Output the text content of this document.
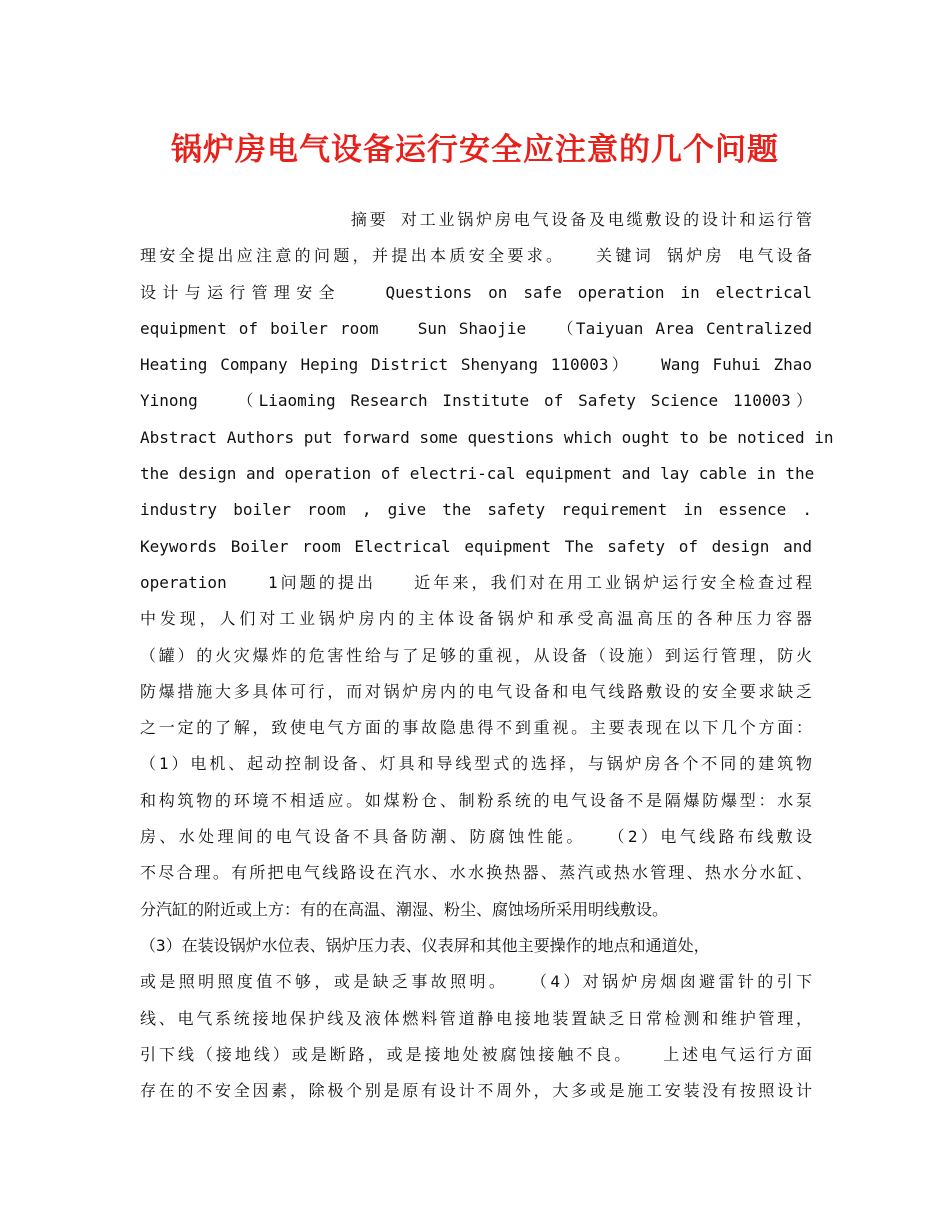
锅炉房电气设备运行安全应注意的几个问题
摘要 对工业锅炉房电气设备及电缆敷设的设计和运行管
理安全提出应注意的问题，并提出本质安全要求。　　关键词 锅炉房 电气设备
设计与运行管理安全　　Questions on safe operation in electrical
equipment of boiler room　　Sun Shaojie　　（Taiyuan Area Centralized
Heating Company Heping District Shenyang 110003）　　Wang Fuhui Zhao
Yinong　　（Liaoming Research Institute of Safety Science 110003）
Abstract Authors put forward some questions which ought to be noticed in
the design and operation of electri-cal equipment and lay cable in the
industry boiler room , give the safety requirement in essence .
Keywords Boiler room Electrical equipment The safety of design and
operation　　1问题的提出　　近年来，我们对在用工业锅炉运行安全检查过程
中发现，人们对工业锅炉房内的主体设备锅炉和承受高温高压的各种压力容器
（罐）的火灾爆炸的危害性给与了足够的重视，从设备（设施）到运行管理，防火
防爆措施大多具体可行，而对锅炉房内的电气设备和电气线路敷设的安全要求缺乏
之一定的了解，致使电气方面的事故隐患得不到重视。主要表现在以下几个方面：
（1）电机、起动控制设备、灯具和导线型式的选择，与锅炉房各个不同的建筑物
和构筑物的环境不相适应。如煤粉仓、制粉系统的电气设备不是隔爆防爆型：水泵
房、水处理间的电气设备不具备防潮、防腐蚀性能。　　（2）电气线路布线敷设
不尽合理。有所把电气线路设在汽水、水水换热器、蒸汽或热水管理、热水分水缸、
分汽缸的附近或上方：有的在高温、潮湿、粉尘、腐蚀场所采用明线敷设。
（3）在装设锅炉水位表、锅炉压力表、仪表屏和其他主要操作的地点和通道处，
或是照明照度值不够，或是缺乏事故照明。　　（4）对锅炉房烟囱避雷针的引下
线、电气系统接地保护线及液体燃料管道静电接地装置缺乏日常检测和维护管理，
引下线（接地线）或是断路，或是接地处被腐蚀接触不良。　　上述电气运行方面
存在的不安全因素，除极个别是原有设计不周外，大多或是施工安装没有按照设计
